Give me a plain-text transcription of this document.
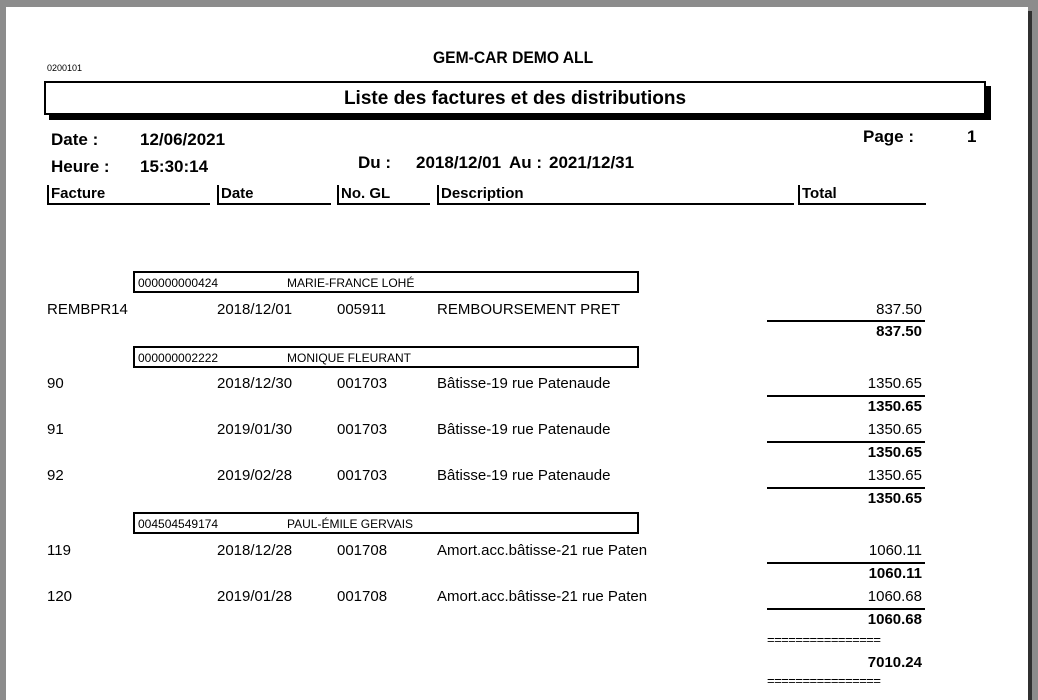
0200101
GEM-CAR DEMO ALL
Liste des factures et des distributions
Date : 12/06/2021
Heure : 15:30:14	Du : 2018/12/01 Au : 2021/12/31
Page :	1
Facture	Date	No. GL	Description	Total
000000000424	MARIE-FRANCE LOHÉ
REMBPR14	2018/12/01	005911	REMBOURSEMENT PRET	837.50
837.50
000000002222	MONIQUE FLEURANT
90	2018/12/30	001703	Bâtisse-19 rue Patenaude	1350.65
1350.65
91	2019/01/30	001703	Bâtisse-19 rue Patenaude	1350.65
1350.65
92	2019/02/28	001703	Bâtisse-19 rue Patenaude	1350.65
1350.65
004504549174	PAUL-ÉMILE GERVAIS
119	2018/12/28	001708	Amort.acc.bâtisse-21 rue Paten	1060.11
1060.11
120	2019/01/28	001708	Amort.acc.bâtisse-21 rue Paten	1060.68
1060.68
================
7010.24
================
